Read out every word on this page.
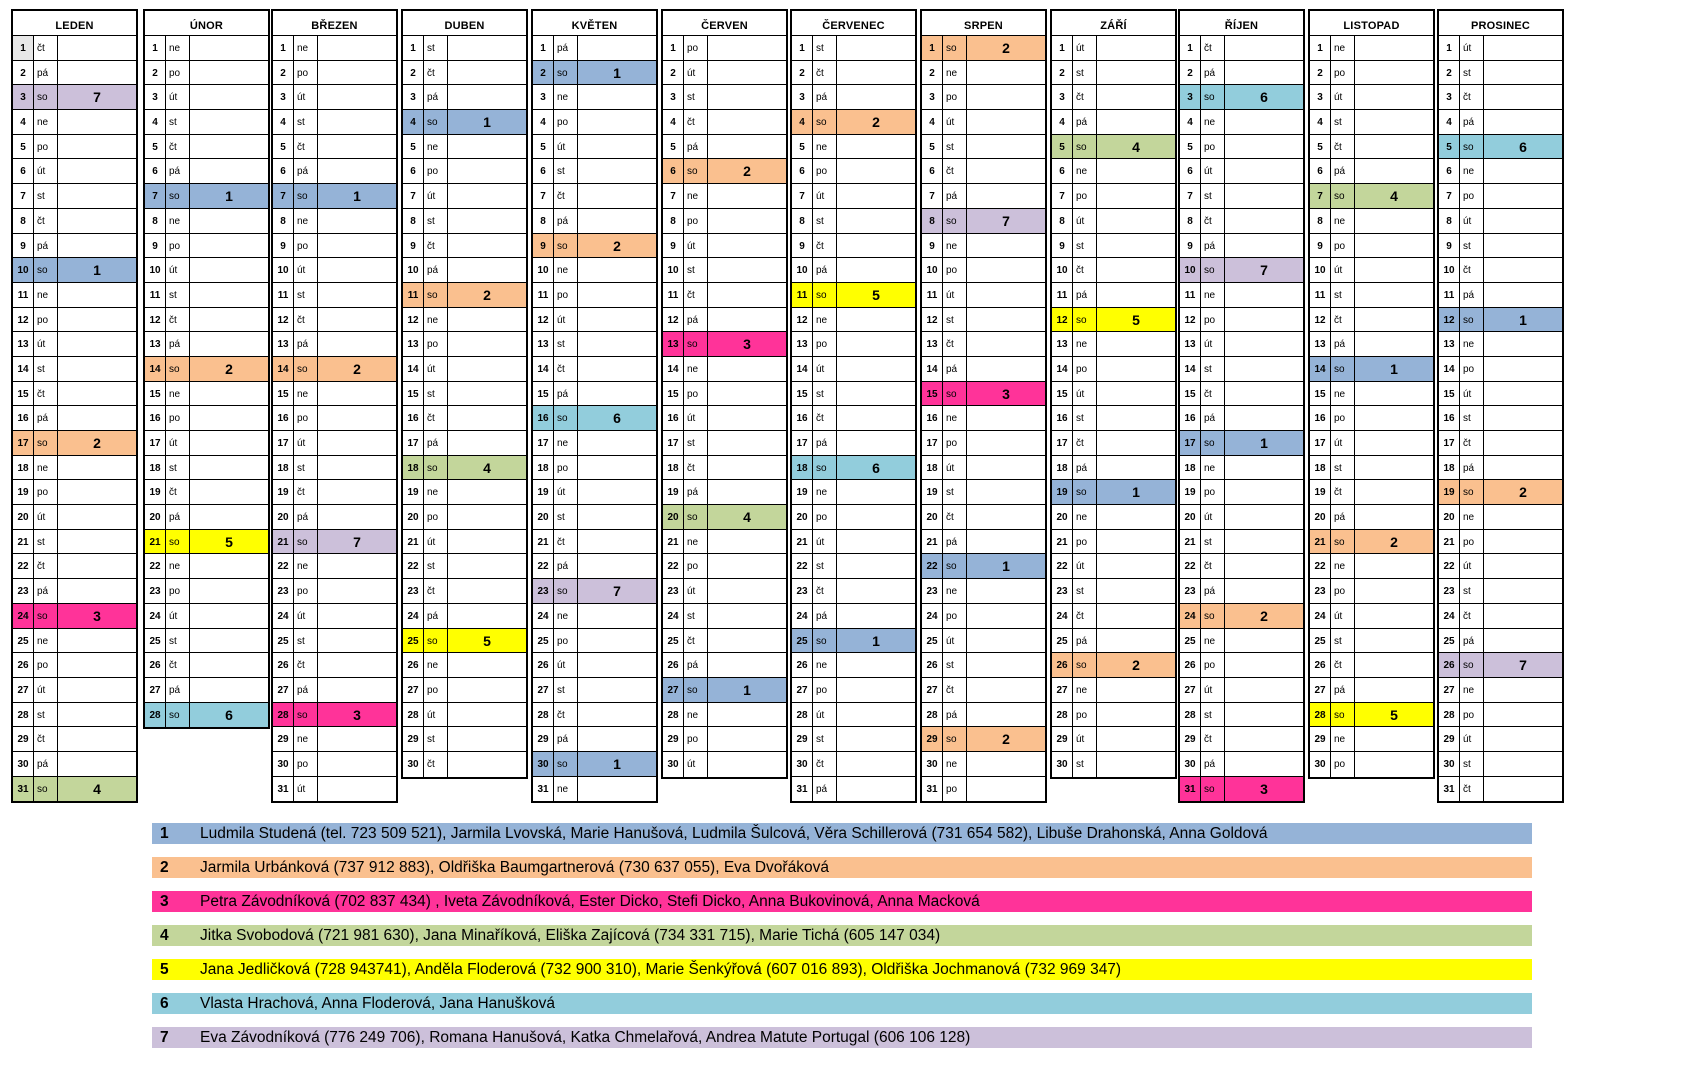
LEDEN
1	čt
2	pá
3	so	7
4	ne
5	po
6	út
7	st
8	čt
9	pá
10 so	1
11 ne
12 po
13 út
14 st
15 čt
16 pá
17 so	2
18 ne
19 po
20 út
21 st
22 čt
23 pá
24 so	3
25 ne
26 po
27 út
28 st
29 čt
30 pá
31 so	4
ÚNOR
1	ne
2	po
3	út
4	st
5	čt
6	pá
7	so	1
8	ne
9	po
10 út
11 st
12 čt
13 pá
14 so	2
15 ne
16 po
17 út
18 st
19 čt
20 pá
21 so	5
22 ne
23 po
24 út
25 st
26 čt
27 pá
28 so	6
BŘEZEN
1	ne
2	po
3	út
4	st
5	čt
6	pá
7	so	1
8	ne
9	po
10 út
11 st
12 čt
13 pá
14 so	2
15 ne
16 po
17 út
18 st
19 čt
20 pá
21 so	7
22 ne
23 po
24 út
25 st
26 čt
27 pá
28 so	3
29 ne
30 po
31 út
DUBEN
1	st
2	čt
3	pá
4	so	1
5	ne
6	po
7	út
8	st
9	čt
10 pá
11 so	2
12 ne
13 po
14 út
15 st
16 čt
17 pá
18 so	4
19 ne
20 po
21 út
22 st
23 čt
24 pá
25 so	5
26 ne
27 po
28 út
29 st
30 čt
KVĚTEN
1	pá
2	so	1
3	ne
4	po
5	út
6	st
7	čt
8	pá
9	so	2
10 ne
11 po
12 út
13 st
14 čt
15 pá
16 so	6
17 ne
18 po
19 út
20 st
21 čt
22 pá
23 so	7
24 ne
25 po
26 út
27 st
28 čt
29 pá
30 so	1
31 ne
ČERVEN
1	po
2	út
3	st
4	čt
5	pá
6	so	2
7	ne
8	po
9	út
10 st
11 čt
12 pá
13 so	3
14 ne
15 po
16 út
17 st
18 čt
19 pá
20 so	4
21 ne
22 po
23 út
24 st
25 čt
26 pá
27 so	1
28 ne
29 po
30 út
ČERVENEC
1	st
2	čt
3	pá
4	so	2
5	ne
6	po
7	út
8	st
9	čt
10 pá
11 so	5
12 ne
13 po
14 út
15 st
16 čt
17 pá
18 so	6
19 ne
20 po
21 út
22 st
23 čt
24 pá
25 so	1
26 ne
27 po
28 út
29 st
30 čt
31 pá
SRPEN
1	so	2
2	ne
3	po
4	út
5	st
6	čt
7	pá
8	so	7
9	ne
10 po
11 út
12 st
13 čt
14 pá
15 so	3
16 ne
17 po
18 út
19 st
20 čt
21 pá
22 so	1
23 ne
24 po
25 út
26 st
27 čt
28 pá
29 so	2
30 ne
31 po
ZÁŘÍ
1	út
2	st
3	čt
4	pá
5	so	4
6	ne
7	po
8	út
9	st
10 čt
11 pá
12 so	5
13 ne
14 po
15 út
16 st
17 čt
18 pá
19 so	1
20 ne
21 po
22 út
23 st
24 čt
25 pá
26 so	2
27 ne
28 po
29 út
30 st
ŘÍJEN
1	čt
2	pá
3	so	6
4	ne
5	po
6	út
7	st
8	čt
9	pá
10 so	7
11 ne
12 po
13 út
14 st
15 čt
16 pá
17 so	1
18 ne
19 po
20 út
21 st
22 čt
23 pá
24 so	2
25 ne
26 po
27 út
28 st
29 čt
30 pá
31 so	3
LISTOPAD
1	ne
2	po
3	út
4	st
5	čt
6	pá
7	so	4
8	ne
9	po
10 út
11 st
12 čt
13 pá
14 so	1
15 ne
16 po
17 út
18 st
19 čt
20 pá
21 so	2
22 ne
23 po
24 út
25 st
26 čt
27 pá
28 so	5
29 ne
30 po
PROSINEC
1	út
2	st
3	čt
4	pá
5	so	6
6	ne
7	po
8	út
9	st
10 čt
11 pá
12 so	1
13 ne
14 po
15 út
16 st
17 čt
18 pá
19 so	2
20 ne
21 po
22 út
23 st
24 čt
25 pá
26 so	7
27 ne
28 po
29 út
30 st
31 čt
1	Ludmila Studená (tel. 723 509 521), Jarmila Lvovská, Marie Hanušová, Ludmila Šulcová, Věra Schillerová (731 654 582), Libuše Drahonská, Anna Goldová
2	Jarmila Urbánková (737 912 883), Oldřiška Baumgartnerová (730 637 055), Eva Dvořáková
3	Petra Závodníková (702 837 434) , Iveta Závodníková, Ester Dicko, Stefi Dicko, Anna Bukovinová, Anna Macková
4	Jitka Svobodová (721 981 630), Jana Minaříková, Eliška Zajícová (734 331 715), Marie Tichá (605 147 034)
5	Jana Jedličková (728 943741), Anděla Floderová (732 900 310), Marie Šenkýřová (607 016 893), Oldřiška Jochmanová (732 969 347)
6	Vlasta Hrachová, Anna Floderová, Jana Hanušková
7	Eva Závodníková (776 249 706), Romana Hanušová, Katka Chmelařová, Andrea Matute Portugal (606 106 128)
